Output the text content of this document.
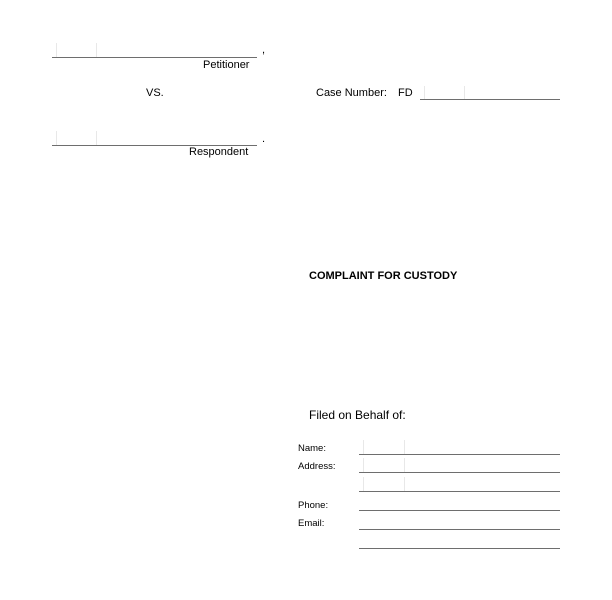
,
Petitioner
VS.	Case Number: FD
.
Respondent
COMPLAINT FOR CUSTODY
Filed on Behalf of:
Name:
Address:
Phone:
Email:
